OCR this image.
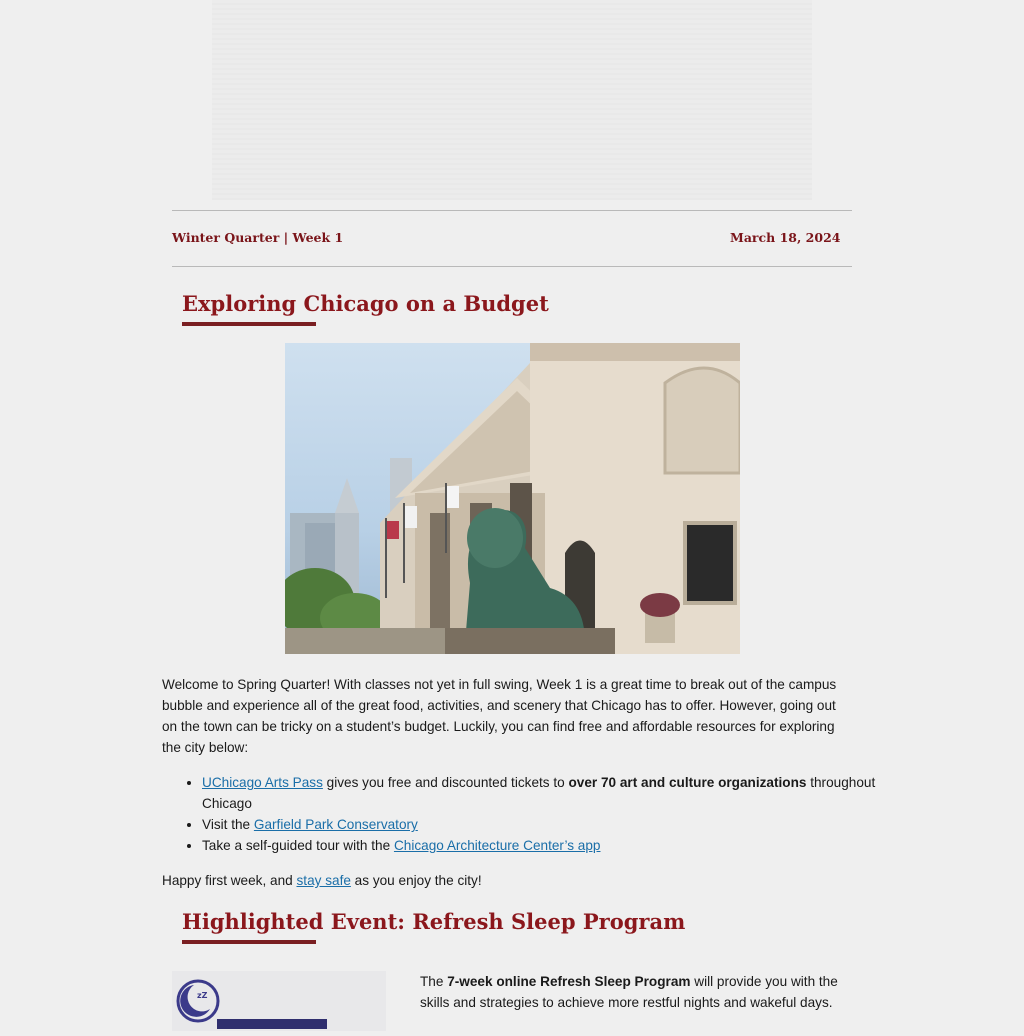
Winter Quarter | Week 1	March 18, 2024
Exploring Chicago on a Budget

Welcome to Spring Quarter! With classes not yet in full swing, Week 1 is a great time to break out of the campus bubble and experience all of the great food, activities, and scenery that Chicago has to offer. However, going out on the town can be tricky on a student’s budget. Luckily, you can find free and affordable resources for exploring the city below:

• UChicago Arts Pass gives you free and discounted tickets to over 70 art and culture organizations throughout Chicago
• Visit the Garfield Park Conservatory
• Take a self-guided tour with the Chicago Architecture Center’s app

Happy first week, and stay safe as you enjoy the city!

Highlighted Event: Refresh Sleep Program
zZ
The 7-week online Refresh Sleep Program will provide you with the skills and strategies to achieve more restful nights and wakeful days.
